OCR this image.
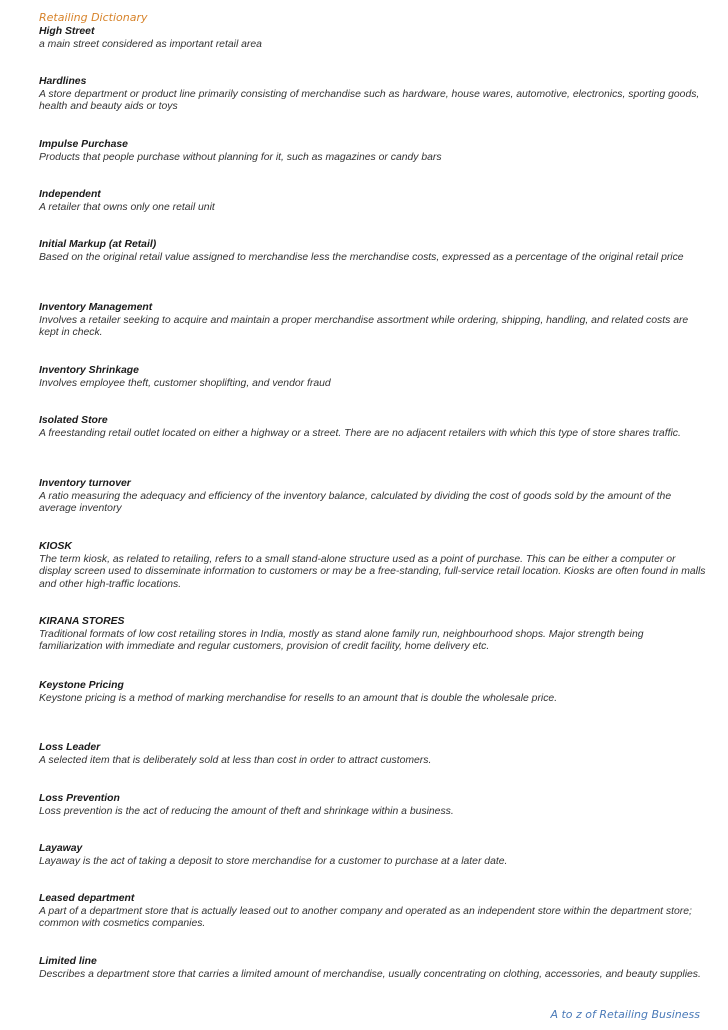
Retailing Dictionary
High Street
a main street considered as important retail area
Hardlines
A store department or product line primarily consisting of merchandise such as hardware, house wares, automotive, electronics, sporting goods, health and beauty aids or toys
Impulse Purchase
Products that people purchase without planning for it, such as magazines or candy bars
Independent
A retailer that owns only one retail unit
Initial Markup (at Retail)
Based on the original retail value assigned to merchandise less the merchandise costs, expressed as a percentage of the original retail price
Inventory Management
Involves a retailer seeking to acquire and maintain a proper merchandise assortment while ordering, shipping, handling, and related costs are kept in check.
Inventory Shrinkage
Involves employee theft, customer shoplifting, and vendor fraud
Isolated Store
A freestanding retail outlet located on either a highway or a street. There are no adjacent retailers with which this type of store shares traffic.
Inventory turnover
A ratio measuring the adequacy and efficiency of the inventory balance, calculated by dividing the cost of goods sold by the amount of the average inventory
KIOSK
The term kiosk, as related to retailing, refers to a small stand-alone structure used as a point of purchase. This can be either a computer or display screen used to disseminate information to customers or may be a free-standing, full-service retail location. Kiosks are often found in malls and other high-traffic locations.
KIRANA STORES
Traditional formats of low cost retailing stores in India, mostly as stand alone family run, neighbourhood shops. Major strength being familiarization with immediate and regular customers, provision of credit facility, home delivery etc.
Keystone Pricing
Keystone pricing is a method of marking merchandise for resells to an amount that is double the wholesale price.
Loss Leader
A selected item that is deliberately sold at less than cost in order to attract customers.
Loss Prevention
Loss prevention is the act of reducing the amount of theft and shrinkage within a business.
Layaway
Layaway is the act of taking a deposit to store merchandise for a customer to purchase at a later date.
Leased department
A part of a department store that is actually leased out to another company and operated as an independent store within the department store; common with cosmetics companies.
Limited line
Describes a department store that carries a limited amount of merchandise, usually concentrating on clothing, accessories, and beauty supplies.
A to z of Retailing Business
